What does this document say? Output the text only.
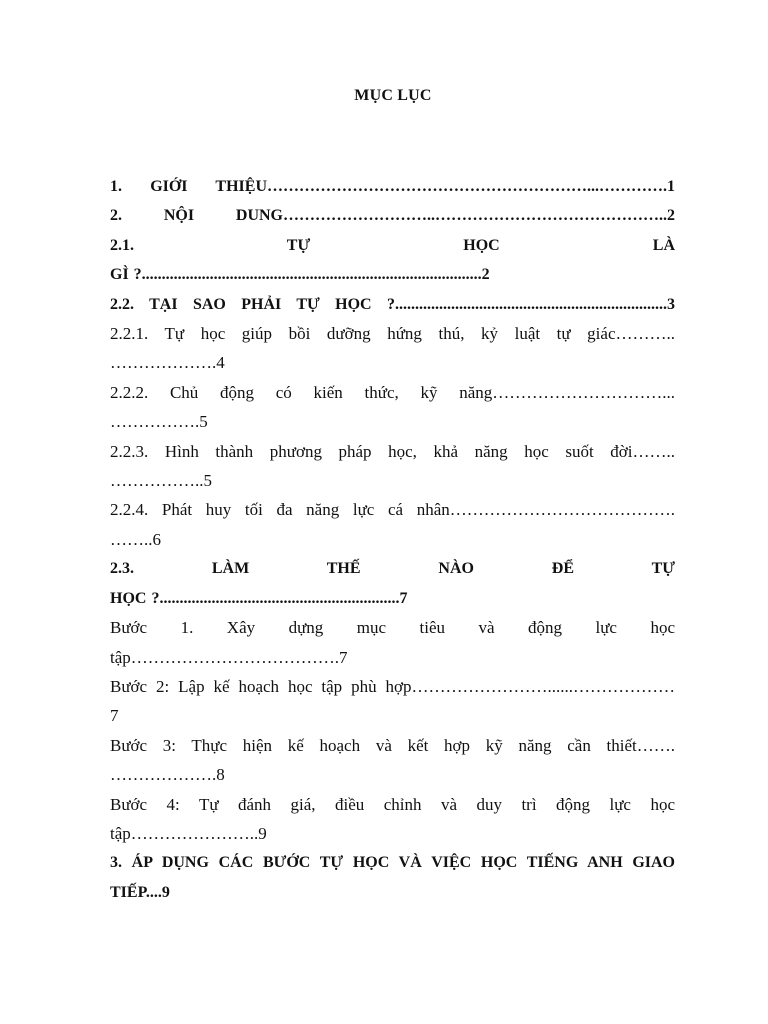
MỤC LỤC
1. GIỚI THIỆU……………………………………………………...………….1
2. NỘI DUNG………………………..……………………………………..2
2.1. TỰ HỌC LÀ
GÌ ?.....................................................................................2
2.2. TẠI SAO PHẢI TỰ HỌC ?....................................................................3
2.2.1. Tự học giúp bồi dưỡng hứng thú, kỷ luật tự giác………..
……………….4
2.2.2. Chủ động có kiến thức, kỹ năng…………………………...
…………….5
2.2.3. Hình thành phương pháp học, khả năng học suốt đời……..
……………..5
2.2.4. Phát huy tối đa năng lực cá nhân………………………………….
……..6
2.3. LÀM THẾ NÀO ĐỂ TỰ
HỌC ?............................................................7
Bước 1. Xây dựng mục tiêu và động lực học
tập……………………………….7
Bước 2: Lập kế hoạch học tập phù hợp……………………......………………
7
Bước 3: Thực hiện kế hoạch và kết hợp kỹ năng cần thiết…….
……………….8
Bước 4: Tự đánh giá, điều chỉnh và duy trì động lực học
tập…………………..9
3. ÁP DỤNG CÁC BƯỚC TỰ HỌC VÀ VIỆC HỌC TIẾNG ANH GIAO
TIẾP....9
